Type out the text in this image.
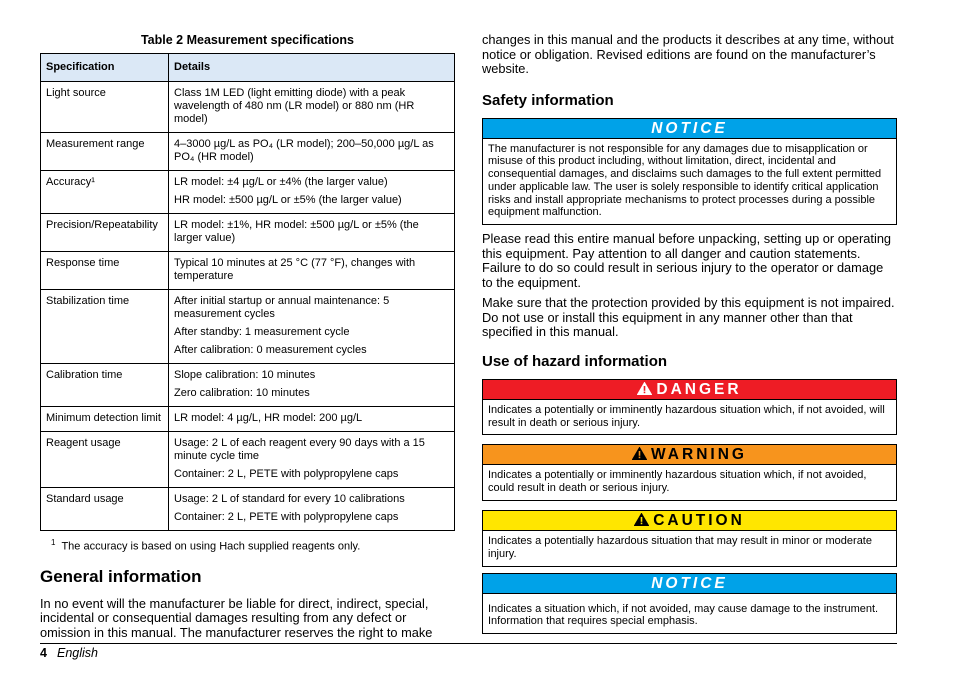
Table 2 Measurement specifications
Specification	Details
Light source	Class 1M LED (light emitting diode) with a peak wavelength of 480 nm (LR model) or 880 nm (HR model)

Measurement range	4–3000 µg/L as PO₄ (LR model); 200–50,000 µg/L as PO₄ (HR model)

Accuracy¹	LR model: ±4 µg/L or ±4% (the larger value)

HR model: ±500 µg/L or ±5% (the larger value)

Precision/Repeatability	LR model: ±1%, HR model: ±500 µg/L or ±5% (the larger value)

Response time	Typical 10 minutes at 25 °C (77 °F), changes with temperature

Stabilization time	After initial startup or annual maintenance: 5 measurement cycles

After standby: 1 measurement cycle

After calibration: 0 measurement cycles

Calibration time	Slope calibration: 10 minutes

Zero calibration: 10 minutes

Minimum detection limit	LR model: 4 µg/L, HR model: 200 µg/L

Reagent usage	Usage: 2 L of each reagent every 90 days with a 15 minute cycle time

Container: 2 L, PETE with polypropylene caps

Standard usage	Usage: 2 L of standard for every 10 calibrations

Container: 2 L, PETE with polypropylene caps

$^1$ The accuracy is based on using Hach supplied reagents only.
General information

In no event will the manufacturer be liable for direct, indirect, special, incidental or consequential damages resulting from any defect or omission in this manual. The manufacturer reserves the right to make

changes in this manual and the products it describes at any time, without notice or obligation. Revised editions are found on the manufacturer’s website.

Safety information
NOTICE
The manufacturer is not responsible for any damages due to misapplication or misuse of this product including, without limitation, direct, incidental and consequential damages, and disclaims such damages to the full extent permitted under applicable law. The user is solely responsible to identify critical application risks and install appropriate mechanisms to protect processes during a possible equipment malfunction.

Please read this entire manual before unpacking, setting up or operating this equipment. Pay attention to all danger and caution statements. Failure to do so could result in serious injury to the operator or damage to the equipment.

Make sure that the protection provided by this equipment is not impaired. Do not use or install this equipment in any manner other than that specified in this manual.

Use of hazard information
DANGER
Indicates a potentially or imminently hazardous situation which, if not avoided, will result in death or serious injury.
WARNING
Indicates a potentially or imminently hazardous situation which, if not avoided, could result in death or serious injury.
CAUTION
Indicates a potentially hazardous situation that may result in minor or moderate injury.
NOTICE
Indicates a situation which, if not avoided, may cause damage to the instrument. Information that requires special emphasis.
4 English
